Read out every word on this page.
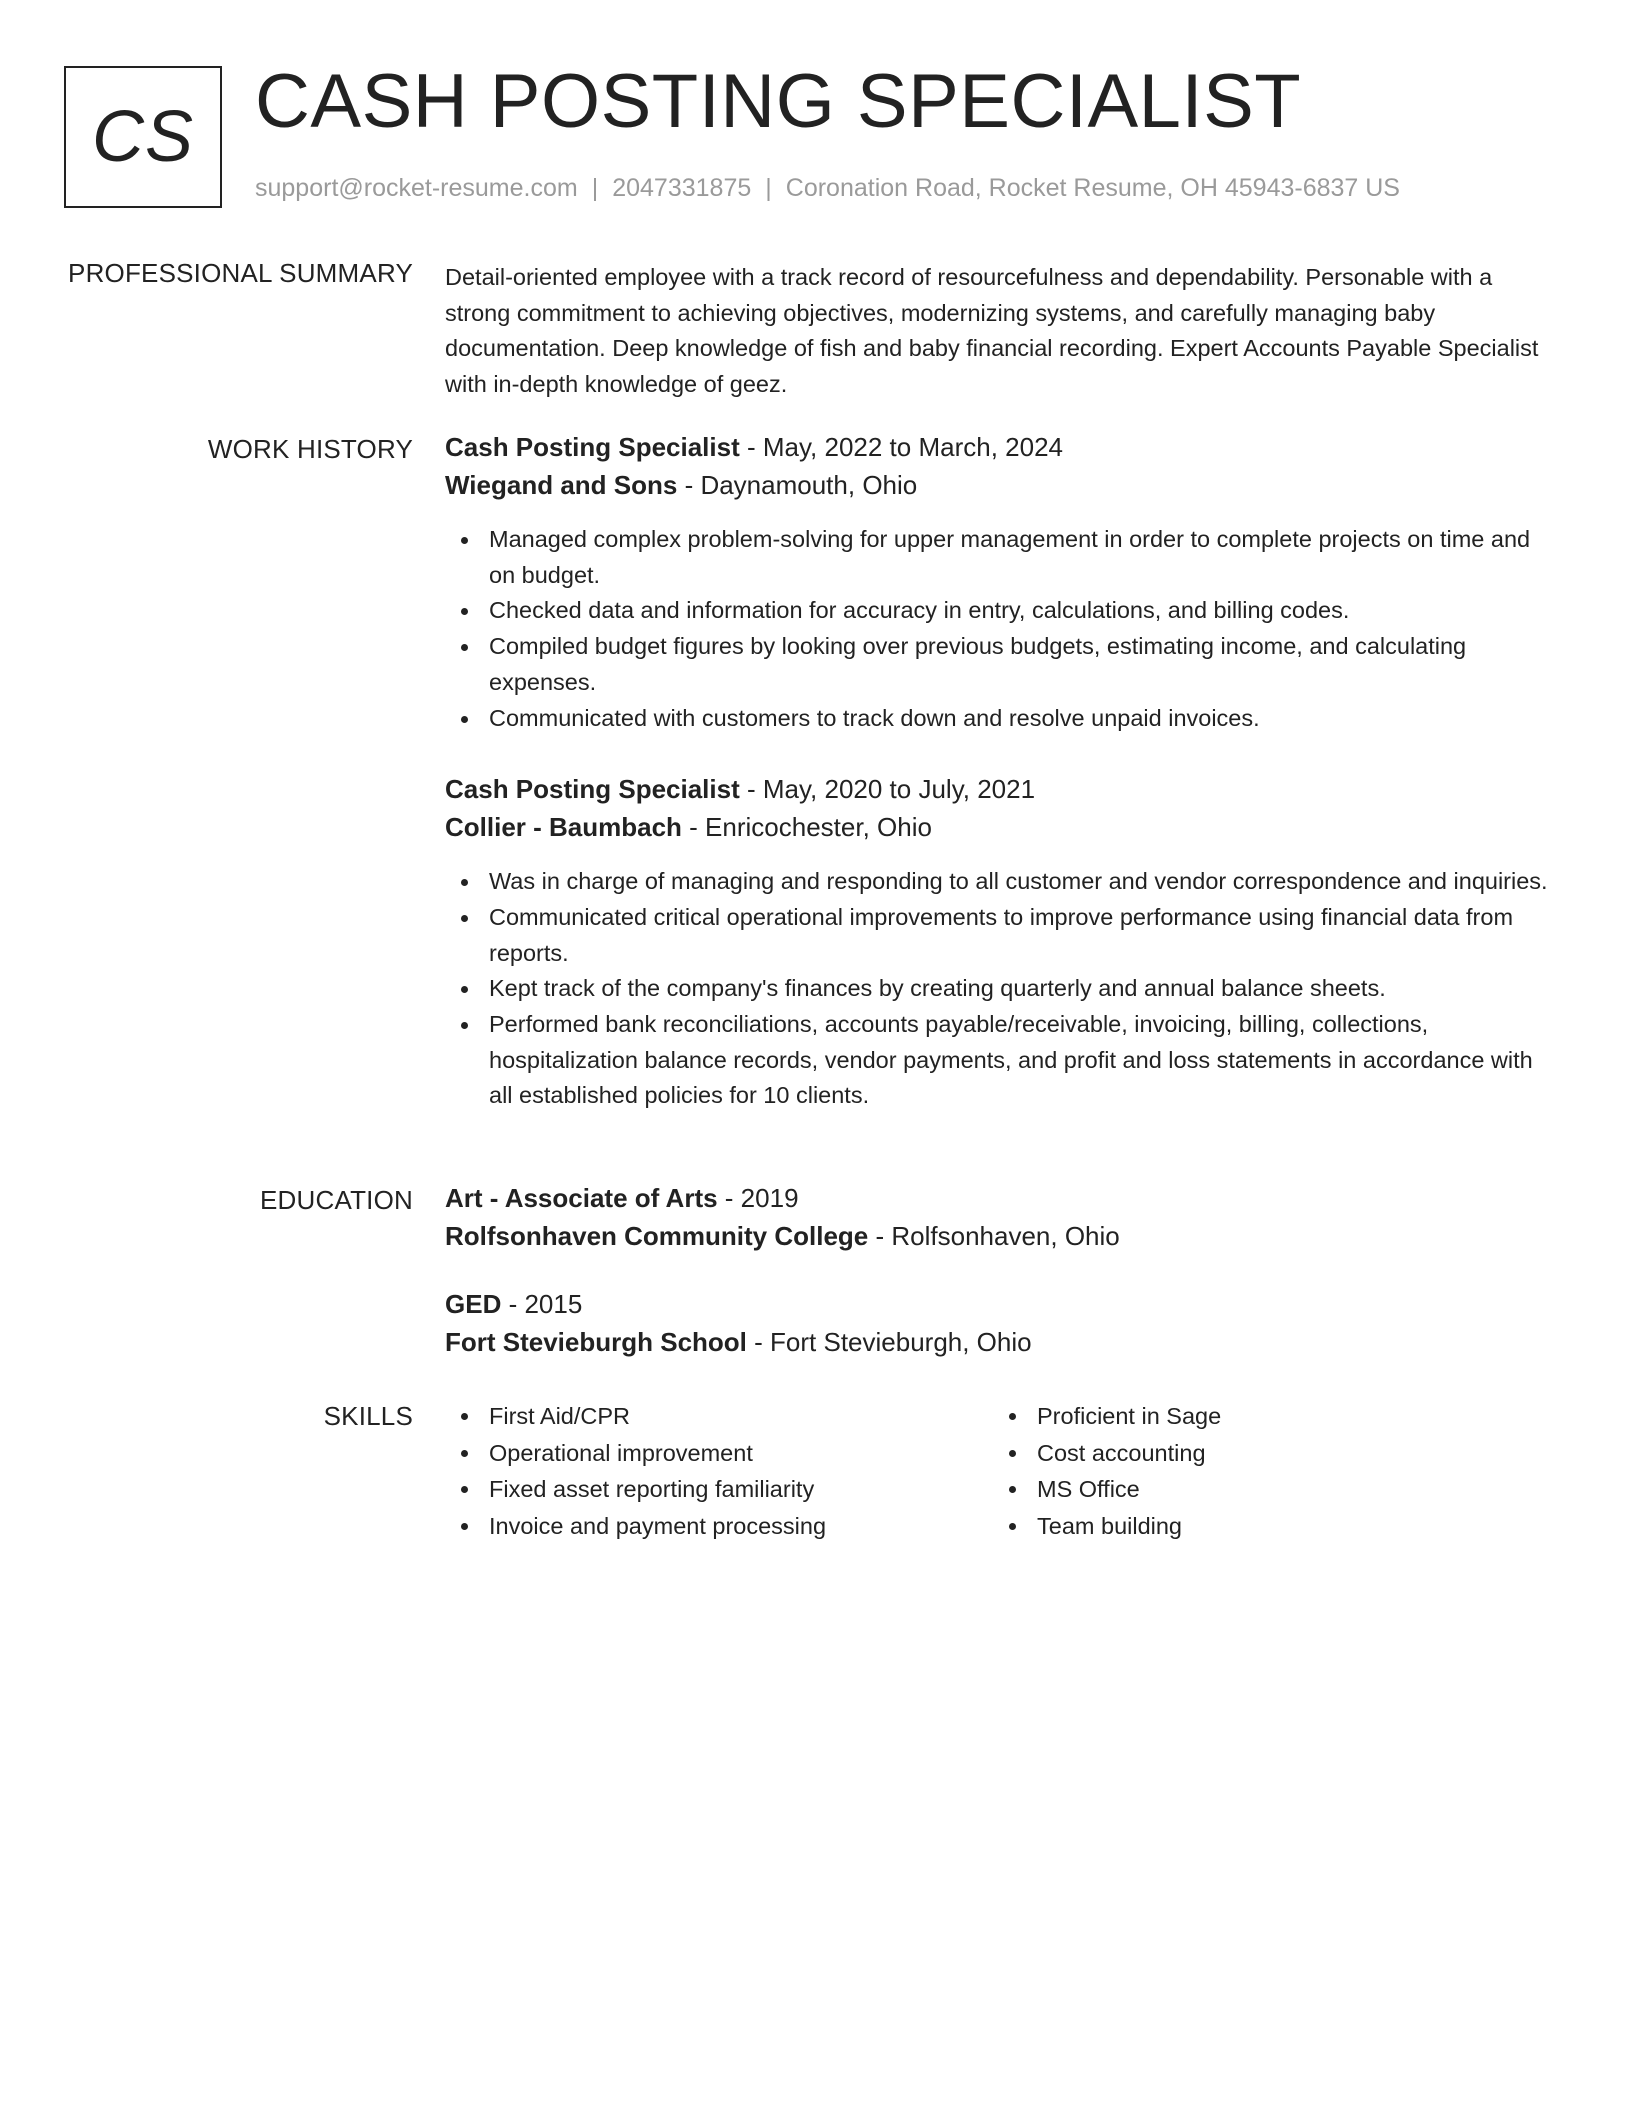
CS CASH POSTING SPECIALIST
support@rocket-resume.com | 2047331875 | Coronation Road, Rocket Resume, OH 45943-6837 US
PROFESSIONAL SUMMARY Detail-oriented employee with a track record of resourcefulness and dependability. Personable with a strong commitment to achieving objectives, modernizing systems, and carefully managing baby documentation. Deep knowledge of fish and baby financial recording. Expert Accounts Payable Specialist with in-depth knowledge of geez.

WORK HISTORY Cash Posting Specialist - May, 2022 to March, 2024
Wiegand and Sons - Daynamouth, Ohio
Managed complex problem-solving for upper management in order to complete projects on time and on budget.
Checked data and information for accuracy in entry, calculations, and billing codes.
Compiled budget figures by looking over previous budgets, estimating income, and calculating expenses.
Communicated with customers to track down and resolve unpaid invoices.
Cash Posting Specialist - May, 2020 to July, 2021
Collier - Baumbach - Enricochester, Ohio
Was in charge of managing and responding to all customer and vendor correspondence and inquiries.
Communicated critical operational improvements to improve performance using financial data from reports.
Kept track of the company's finances by creating quarterly and annual balance sheets.
Performed bank reconciliations, accounts payable/receivable, invoicing, billing, collections, hospitalization balance records, vendor payments, and profit and loss statements in accordance with all established policies for 10 clients.
EDUCATION Art - Associate of Arts - 2019
Rolfsonhaven Community College - Rolfsonhaven, Ohio
GED - 2015
Fort Stevieburgh School - Fort Stevieburgh, Ohio
SKILLS	First Aid/CPR
Operational improvement
Fixed asset reporting familiarity
Invoice and payment processing
Proficient in Sage
Cost accounting
MS Office
Team building
